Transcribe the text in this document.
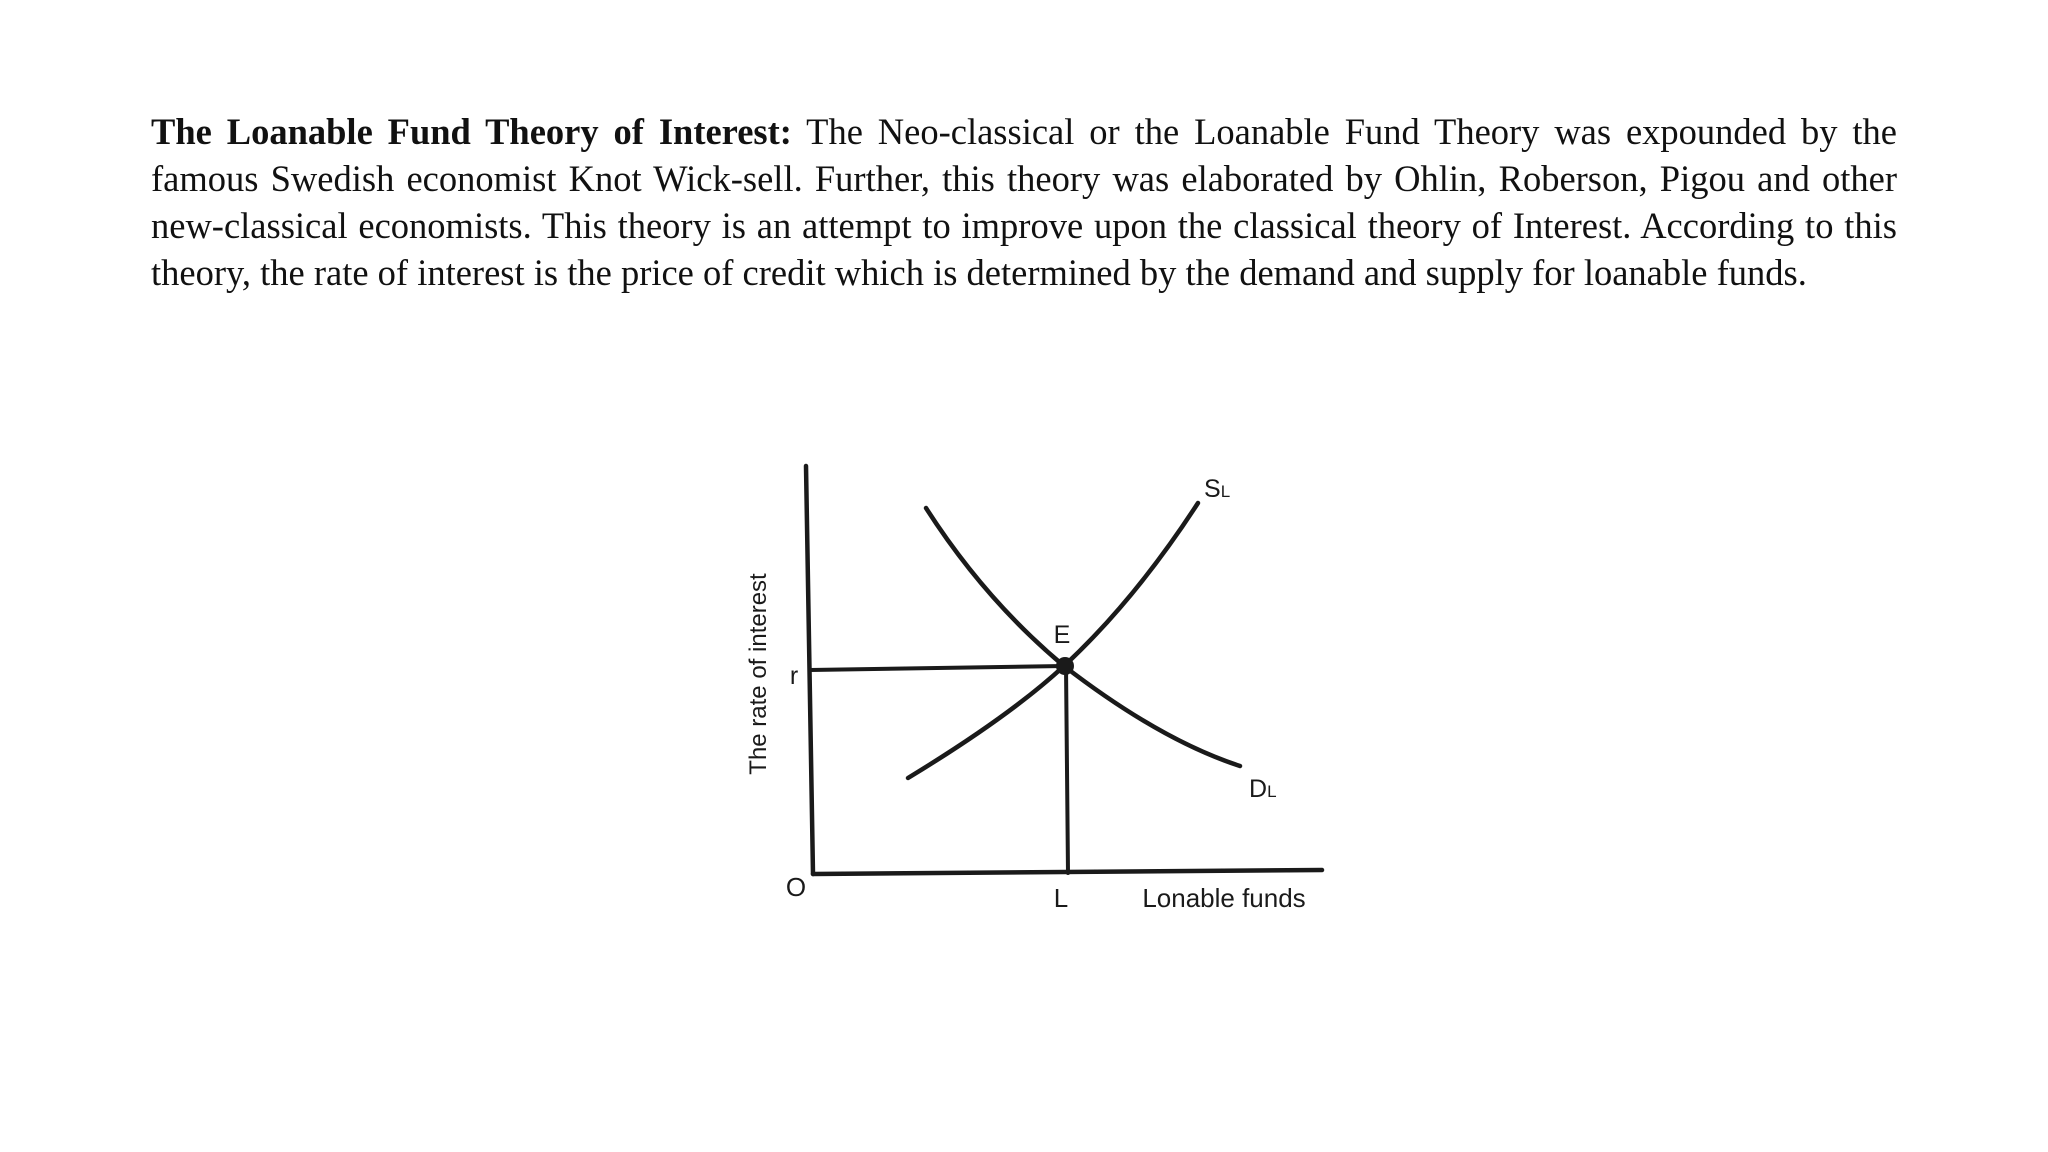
The Loanable Fund Theory of Interest: The Neo-classical or the Loanable Fund Theory was expounded by the famous Swedish economist Knot Wick-sell. Further, this theory was elaborated by Ohlin, Roberson, Pigou and other new-classical economists. This theory is an attempt to improve upon the classical theory of Interest. According to this theory, the rate of interest is the price of credit which is determined by the demand and supply for loanable funds.

The rate of interest r
O	L	Lonable funds
E
SL
DL
